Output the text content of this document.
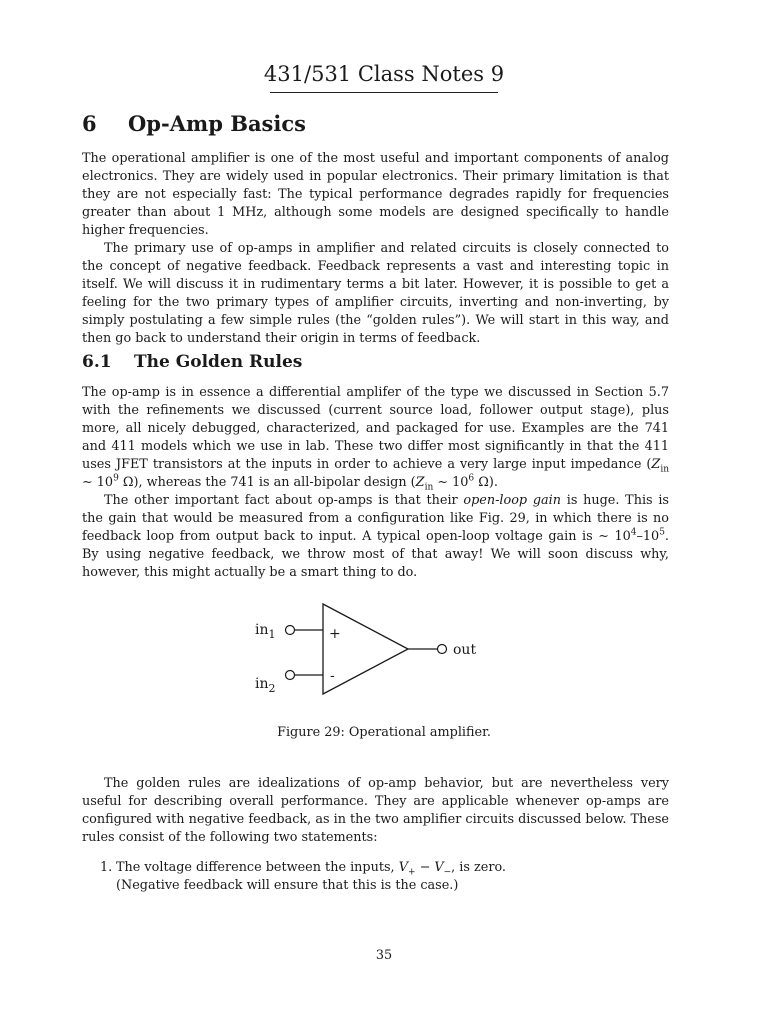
431/531 Class Notes 9
6 Op-Amp Basics

The operational amplifier is one of the most useful and important components of analog electronics. They are widely used in popular electronics. Their primary limitation is that they are not especially fast: The typical performance degrades rapidly for frequencies greater than about 1 MHz, although some models are designed specifically to handle higher frequencies.

The primary use of op-amps in amplifier and related circuits is closely connected to the concept of negative feedback. Feedback represents a vast and interesting topic in itself. We will discuss it in rudimentary terms a bit later. However, it is possible to get a feeling for the two primary types of amplifier circuits, inverting and non-inverting, by simply postulating a few simple rules (the “golden rules”). We will start in this way, and then go back to understand their origin in terms of feedback.

6.1 The Golden Rules

The op-amp is in essence a differential amplifer of the type we discussed in Section 5.7 with the refinements we discussed (current source load, follower output stage), plus more, all nicely debugged, characterized, and packaged for use. Examples are the 741 and 411 models which we use in lab. These two differ most significantly in that the 411 uses JFET transistors at the inputs in order to achieve a very large input impedance ($Z_{in}$ ∼ $10^9$ Ω), whereas the 741 is an all-bipolar design ($Z_{in}$ ∼ $10^6$ Ω).

The other important fact about op-amps is that their open-loop gain is huge. This is the gain that would be measured from a configuration like Fig. 29, in which there is no feedback loop from output back to input. A typical open-loop voltage gain is ∼ $10^4-10^5$. By using negative feedback, we throw most of that away! We will soon discuss why, however, this might actually be a smart thing to do.

$in_1$
$in_2$
+
-
out
Figure 29: Operational amplifier.

The golden rules are idealizations of op-amp behavior, but are nevertheless very useful for describing overall performance. They are applicable whenever op-amps are configured with negative feedback, as in the two amplifier circuits discussed below. These rules consist of the following two statements:

1. The voltage difference between the inputs, $V_+ - V_-$, is zero.
(Negative feedback will ensure that this is the case.)
35
